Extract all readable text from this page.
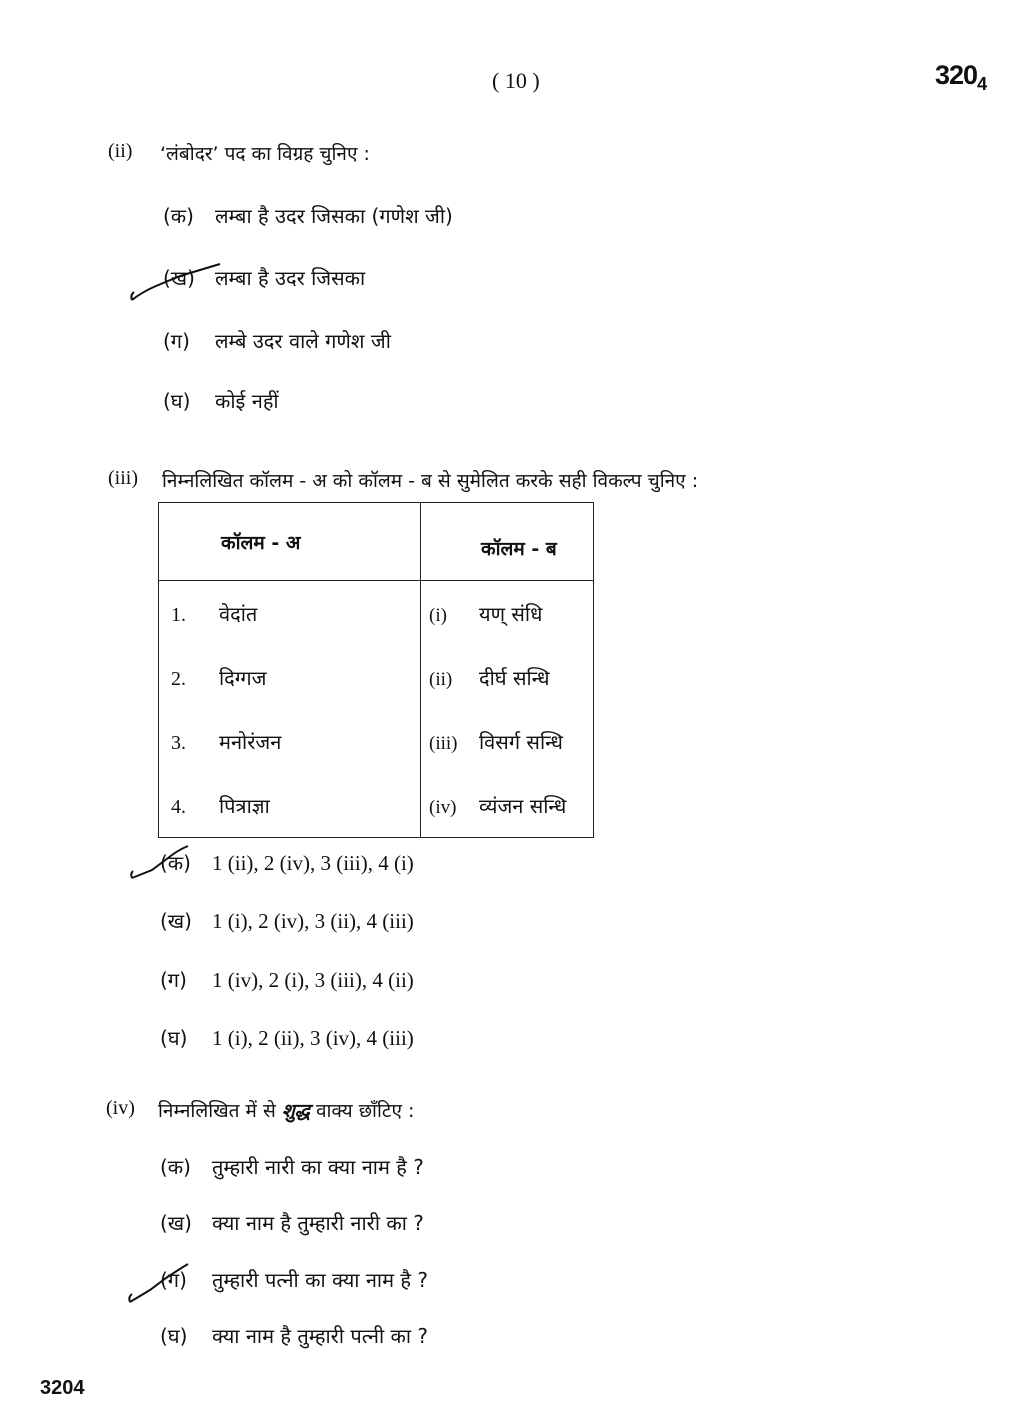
( 10 )	$320_4$
3204
(ii) ‘लंबोदर’ पद का विग्रह चुनिए :
(क) लम्बा है उदर जिसका (गणेश जी)
(ख) लम्बा है उदर जिसका
(ग) लम्बे उदर वाले गणेश जी
(घ) कोई नहीं
(iii) निम्नलिखित कॉलम - अ को कॉलम - ब से सुमेलित करके सही विकल्प चुनिए :
कॉलम - अ	कॉलम - ब
1. वेदांत	(i) यण् संधि
2. दिग्गज	(ii) दीर्घ सन्धि
3. मनोरंजन	(iii) विसर्ग सन्धि
4. पित्राज्ञा	(iv) व्यंजन सन्धि
(क) 1 (ii), 2 (iv), 3 (iii), 4 (i)
(ख) 1 (i), 2 (iv), 3 (ii), 4 (iii)
(ग) 1 (iv), 2 (i), 3 (iii), 4 (ii)
(घ) 1 (i), 2 (ii), 3 (iv), 4 (iii)
(iv) निम्नलिखित में से शुद्ध वाक्य छाँटिए :
(क) तुम्हारी नारी का क्या नाम है ?
(ख) क्या नाम है तुम्हारी नारी का ?
(ग) तुम्हारी पत्नी का क्या नाम है ?
(घ) क्या नाम है तुम्हारी पत्नी का ?
